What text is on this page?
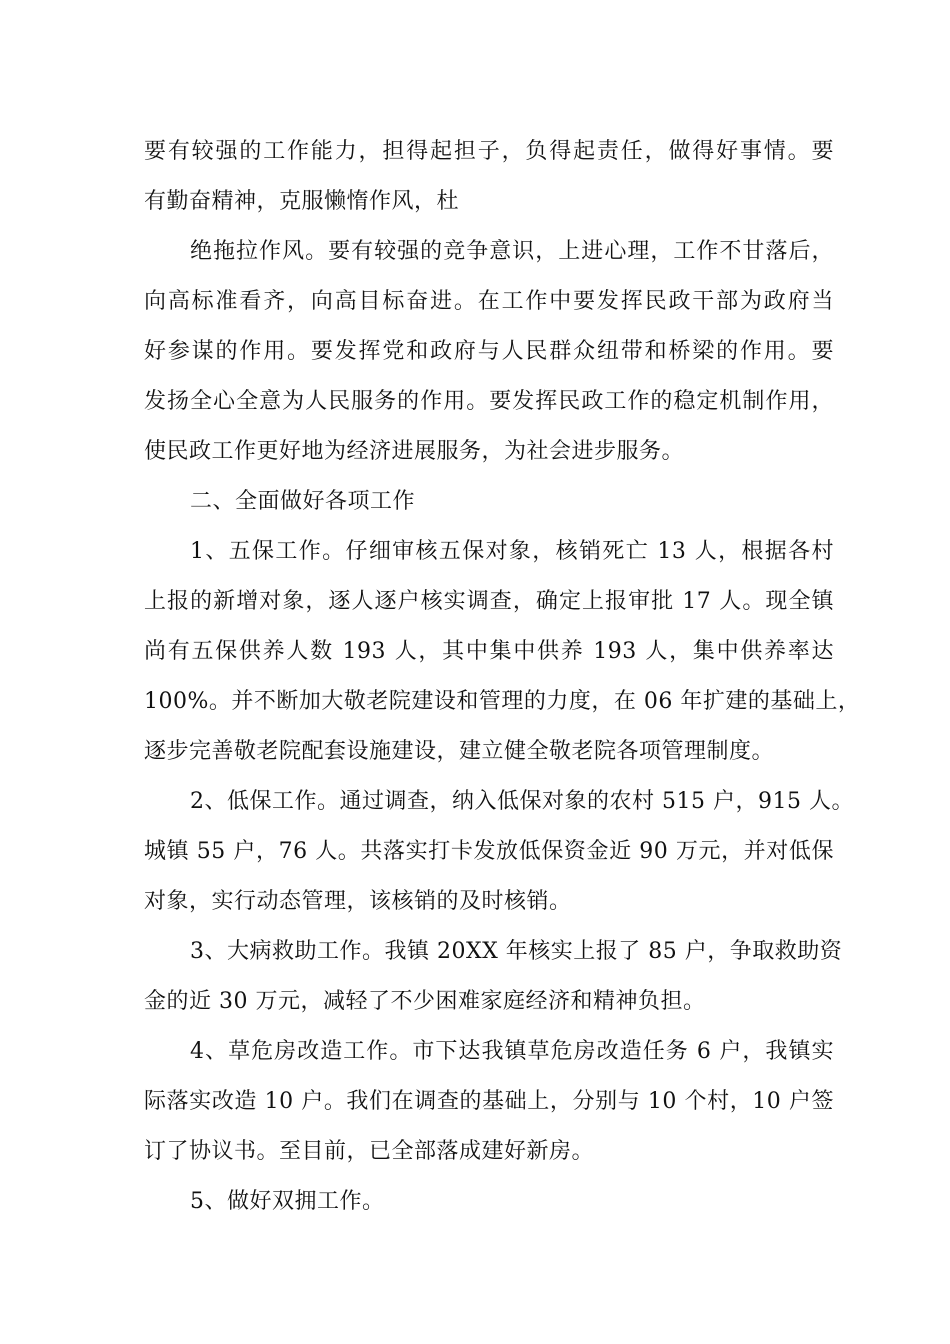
要有较强的工作能力，担得起担子，负得起责任，做得好事情。要
有勤奋精神，克服懒惰作风，杜
绝拖拉作风。要有较强的竞争意识，上进心理，工作不甘落后，
向高标准看齐，向高目标奋进。在工作中要发挥民政干部为政府当
好参谋的作用。要发挥党和政府与人民群众纽带和桥梁的作用。要
发扬全心全意为人民服务的作用。要发挥民政工作的稳定机制作用，
使民政工作更好地为经济进展服务，为社会进步服务。
二、全面做好各项工作
1、五保工作。仔细审核五保对象，核销死亡 13 人，根据各村
上报的新增对象，逐人逐户核实调查，确定上报审批 17 人。现全镇
尚有五保供养人数 193 人，其中集中供养 193 人，集中供养率达
100%。并不断加大敬老院建设和管理的力度，在 06 年扩建的基础上，
逐步完善敬老院配套设施建设，建立健全敬老院各项管理制度。
2、低保工作。通过调查，纳入低保对象的农村 515 户，915 人。
城镇 55 户，76 人。共落实打卡发放低保资金近 90 万元，并对低保
对象，实行动态管理，该核销的及时核销。
3、大病救助工作。我镇 20XX 年核实上报了 85 户，争取救助资
金的近 30 万元，减轻了不少困难家庭经济和精神负担。
4、草危房改造工作。市下达我镇草危房改造任务 6 户，我镇实
际落实改造 10 户。我们在调查的基础上，分别与 10 个村，10 户签
订了协议书。至目前，已全部落成建好新房。
5、做好双拥工作。
